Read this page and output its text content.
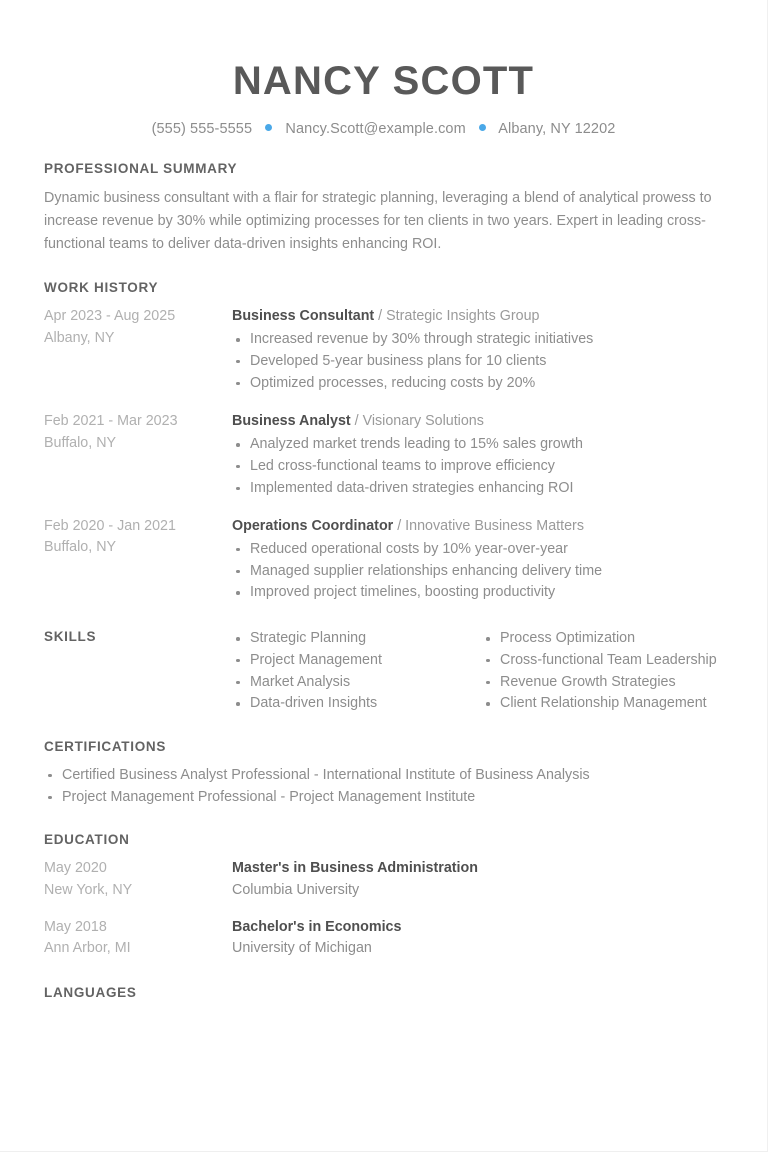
NANCY SCOTT
(555) 555-5555 Nancy.Scott@example.com Albany, NY 12202
PROFESSIONAL SUMMARY
Dynamic business consultant with a flair for strategic planning, leveraging a blend of analytical prowess to increase revenue by 30% while optimizing processes for ten clients in two years. Expert in leading cross-functional teams to deliver data-driven insights enhancing ROI.
WORK HISTORY
Apr 2023 - Aug 2025
Albany, NY
Business Consultant / Strategic Insights Group
Increased revenue by 30% through strategic initiatives
Developed 5-year business plans for 10 clients
Optimized processes, reducing costs by 20%
Feb 2021 - Mar 2023
Buffalo, NY
Business Analyst / Visionary Solutions
Analyzed market trends leading to 15% sales growth
Led cross-functional teams to improve efficiency
Implemented data-driven strategies enhancing ROI
Feb 2020 - Jan 2021
Buffalo, NY
Operations Coordinator / Innovative Business Matters
Reduced operational costs by 10% year-over-year
Managed supplier relationships enhancing delivery time
Improved project timelines, boosting productivity
SKILLS	Strategic Planning
Project Management
Market Analysis
Data-driven Insights
Process Optimization
Cross-functional Team Leadership
Revenue Growth Strategies
Client Relationship Management
CERTIFICATIONS
Certified Business Analyst Professional - International Institute of Business Analysis
Project Management Professional - Project Management Institute
EDUCATION
May 2020
New York, NY
Master's in Business Administration
Columbia University
May 2018
Ann Arbor, MI
Bachelor's in Economics
University of Michigan
LANGUAGES
